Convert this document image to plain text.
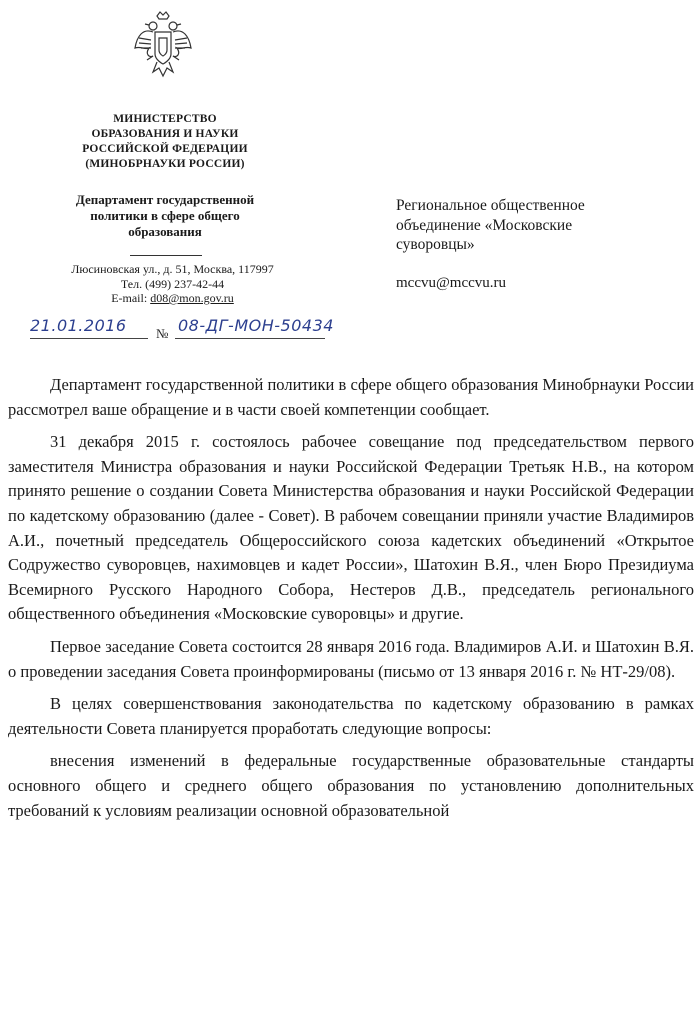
МИНИСТЕРСТВО
ОБРАЗОВАНИЯ И НАУКИ
РОССИЙСКОЙ ФЕДЕРАЦИИ
(МИНОБРНАУКИ РОССИИ)
Департамент государственной
политики в сфере общего
образования
Люсиновская ул., д. 51, Москва, 117997
Тел. (499) 237-42-44
E-mail: d08@mon.gov.ru
21.01.2016 № 08-ДГ-МОН-50434
Региональное общественное
объединение «Московские
суворовцы»
mccvu@mccvu.ru

Департамент государственной политики в сфере общего образования Минобрнауки России рассмотрел ваше обращение и в части своей компетенции сообщает.

31 декабря 2015 г. состоялось рабочее совещание под председательством первого заместителя Министра образования и науки Российской Федерации Третьяк Н.В., на котором принято решение о создании Совета Министерства образования и науки Российской Федерации по кадетскому образованию (далее - Совет). В рабочем совещании приняли участие Владимиров А.И., почетный председатель Общероссийского союза кадетских объединений «Открытое Содружество суворовцев, нахимовцев и кадет России», Шатохин В.Я., член Бюро Президиума Всемирного Русского Народного Собора, Нестеров Д.В., председатель регионального общественного объединения «Московские суворовцы» и другие.

Первое заседание Совета состоится 28 января 2016 года. Владимиров А.И. и Шатохин В.Я. о проведении заседания Совета проинформированы (письмо от 13 января 2016 г. № НТ-29/08).

В целях совершенствования законодательства по кадетскому образованию в рамках деятельности Совета планируется проработать следующие вопросы:

внесения изменений в федеральные государственные образовательные стандарты основного общего и среднего общего образования по установлению дополнительных требований к условиям реализации основной образовательной
